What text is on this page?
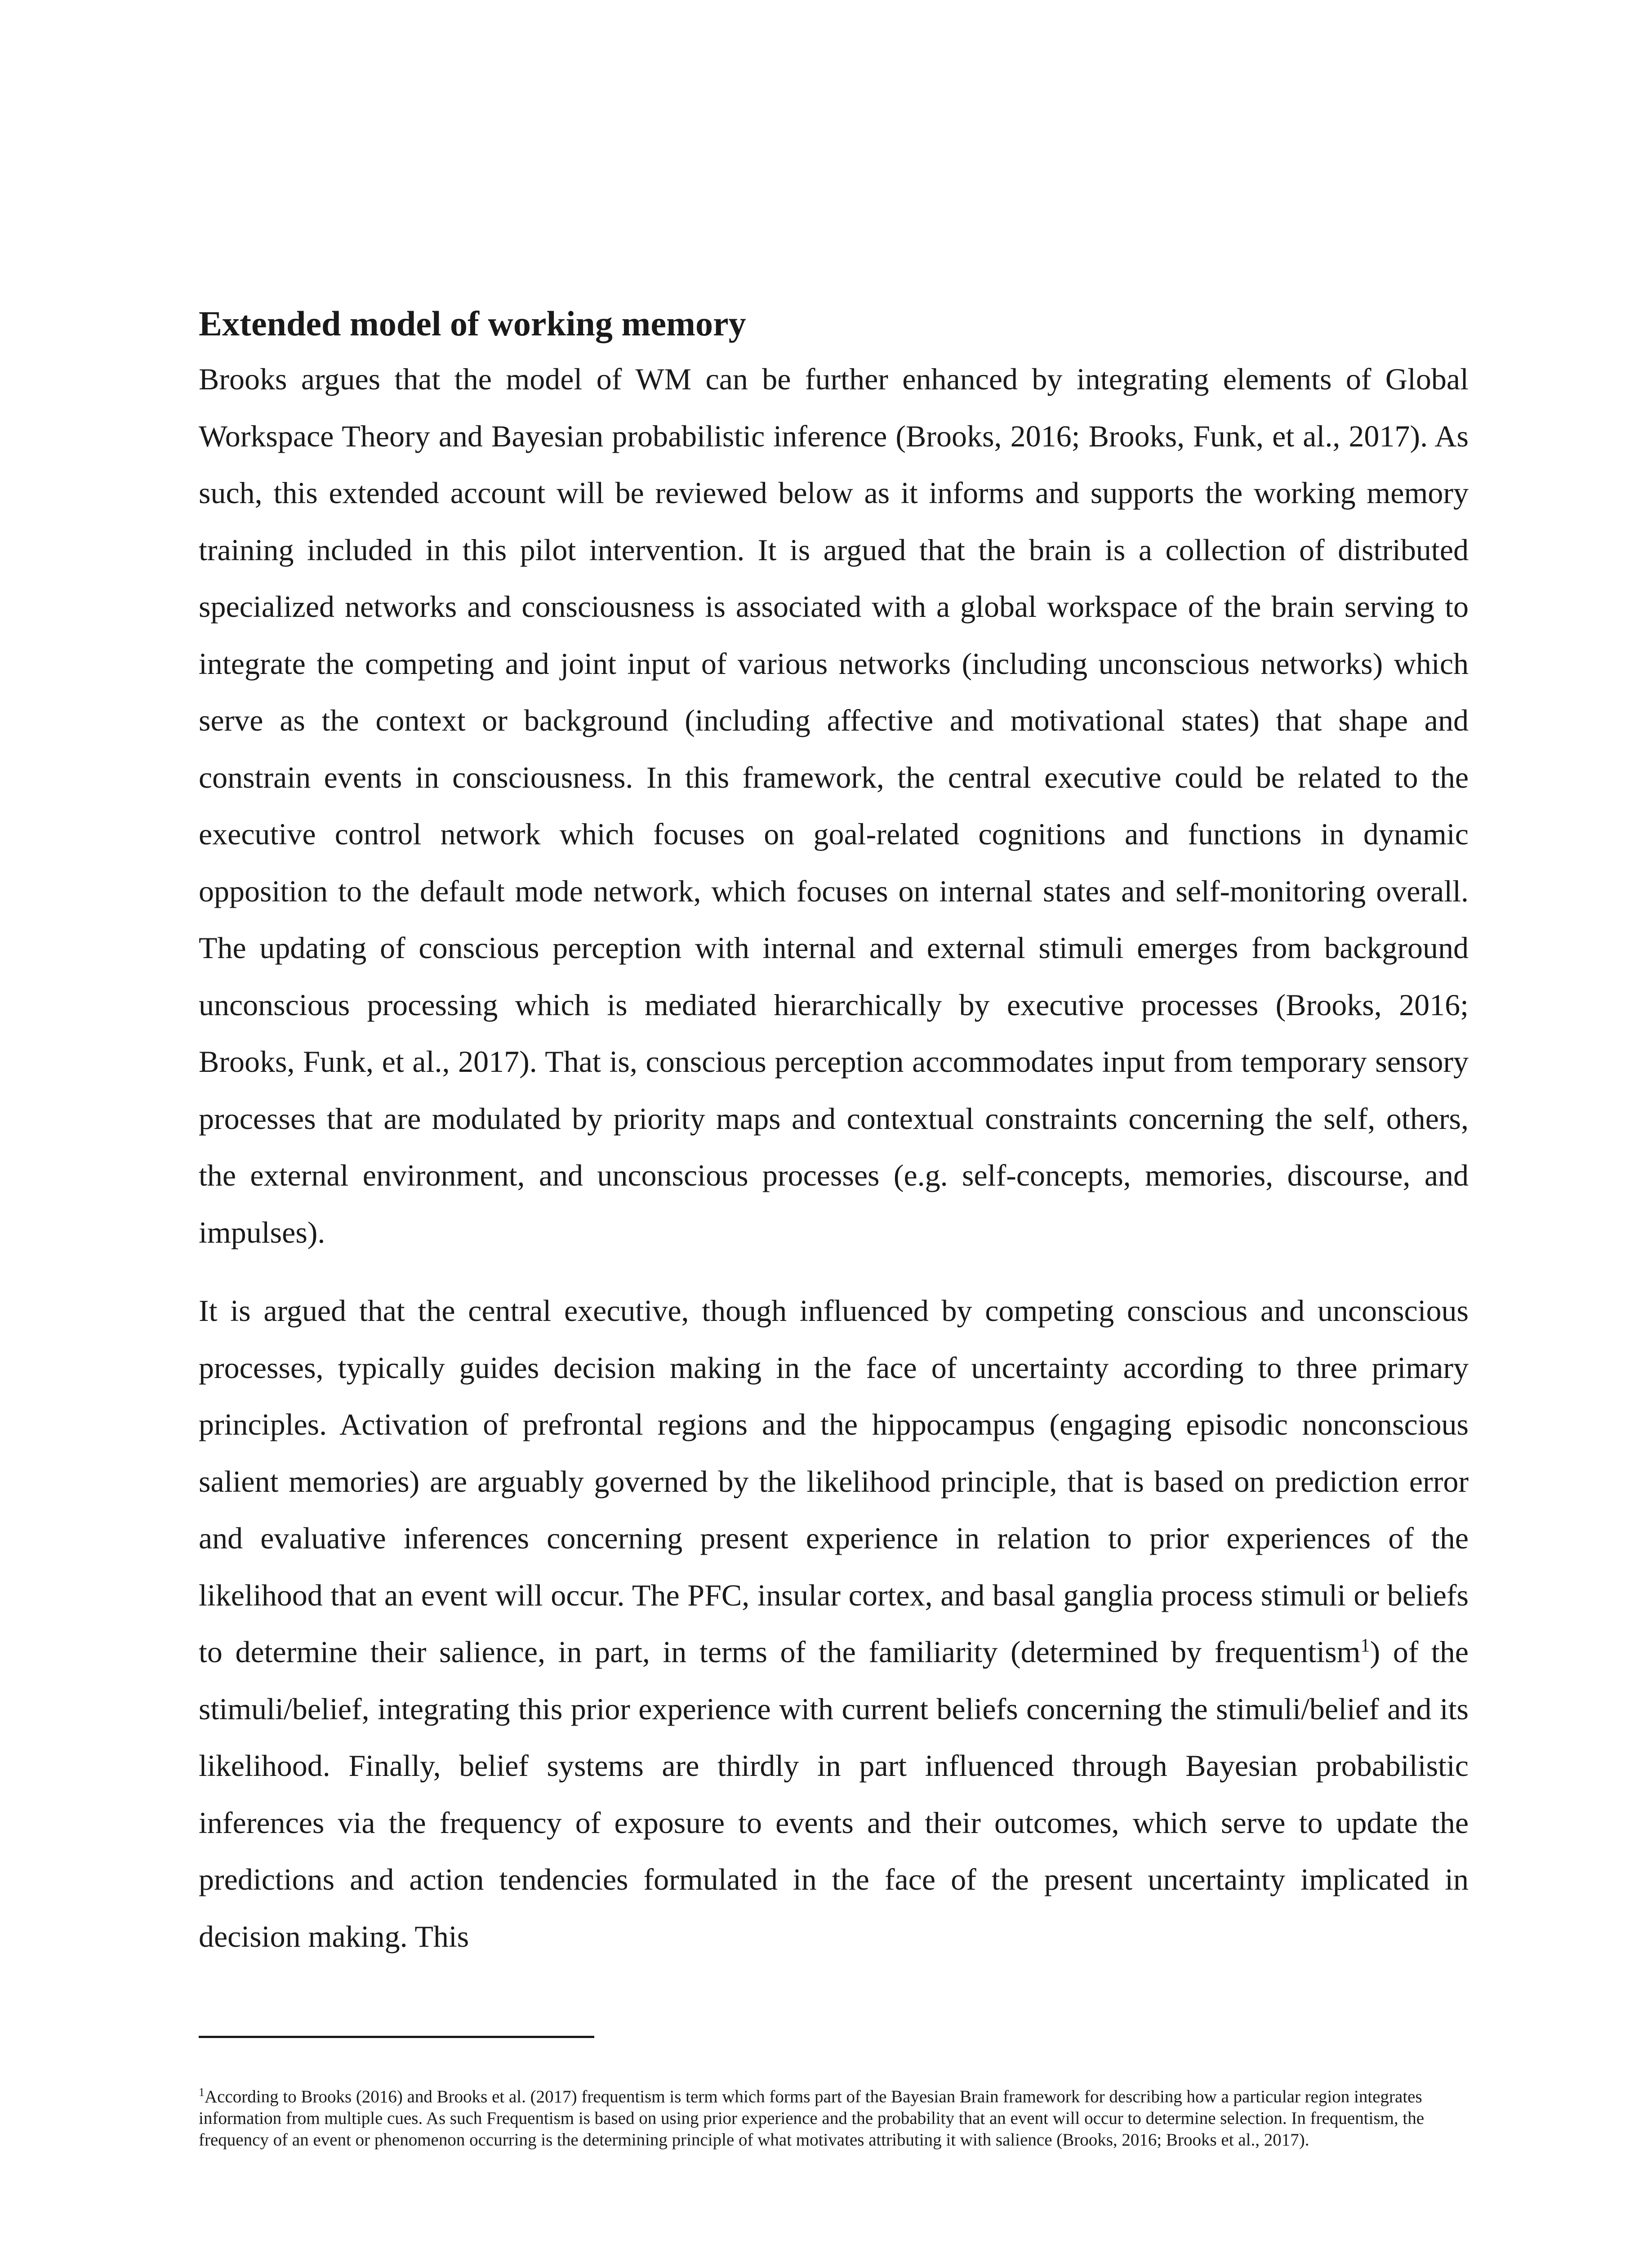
Extended model of working memory

Brooks argues that the model of WM can be further enhanced by integrating elements of Global Workspace Theory and Bayesian probabilistic inference (Brooks, 2016; Brooks, Funk, et al., 2017). As such, this extended account will be reviewed below as it informs and supports the working memory training included in this pilot intervention. It is argued that the brain is a collection of distributed specialized networks and consciousness is associated with a global workspace of the brain serving to integrate the competing and joint input of various networks (including unconscious networks) which serve as the context or background (including affective and motivational states) that shape and constrain events in consciousness. In this framework, the central executive could be related to the executive control network which focuses on goal-related cognitions and functions in dynamic opposition to the default mode network, which focuses on internal states and self-monitoring overall. The updating of conscious perception with internal and external stimuli emerges from background unconscious processing which is mediated hierarchically by executive processes (Brooks, 2016; Brooks, Funk, et al., 2017). That is, conscious perception accommodates input from temporary sensory processes that are modulated by priority maps and contextual constraints concerning the self, others, the external environment, and unconscious processes (e.g. self-concepts, memories, discourse, and impulses).

It is argued that the central executive, though influenced by competing conscious and unconscious processes, typically guides decision making in the face of uncertainty according to three primary principles. Activation of prefrontal regions and the hippocampus (engaging episodic nonconscious salient memories) are arguably governed by the likelihood principle, that is based on prediction error and evaluative inferences concerning present experience in relation to prior experiences of the likelihood that an event will occur. The PFC, insular cortex, and basal ganglia process stimuli or beliefs to determine their salience, in part, in terms of the familiarity (determined by frequentism$^1$) of the stimuli/belief, integrating this prior experience with current beliefs concerning the stimuli/belief and its likelihood. Finally, belief systems are thirdly in part influenced through Bayesian probabilistic inferences via the frequency of exposure to events and their outcomes, which serve to update the predictions and action tendencies formulated in the face of the present uncertainty implicated in decision making. This

$^1$According to Brooks (2016) and Brooks et al. (2017) frequentism is term which forms part of the Bayesian Brain framework for describing how a particular region integrates information from multiple cues. As such Frequentism is based on using prior experience and the probability that an event will occur to determine selection. In frequentism, the frequency of an event or phenomenon occurring is the determining principle of what motivates attributing it with salience (Brooks, 2016; Brooks et al., 2017).
